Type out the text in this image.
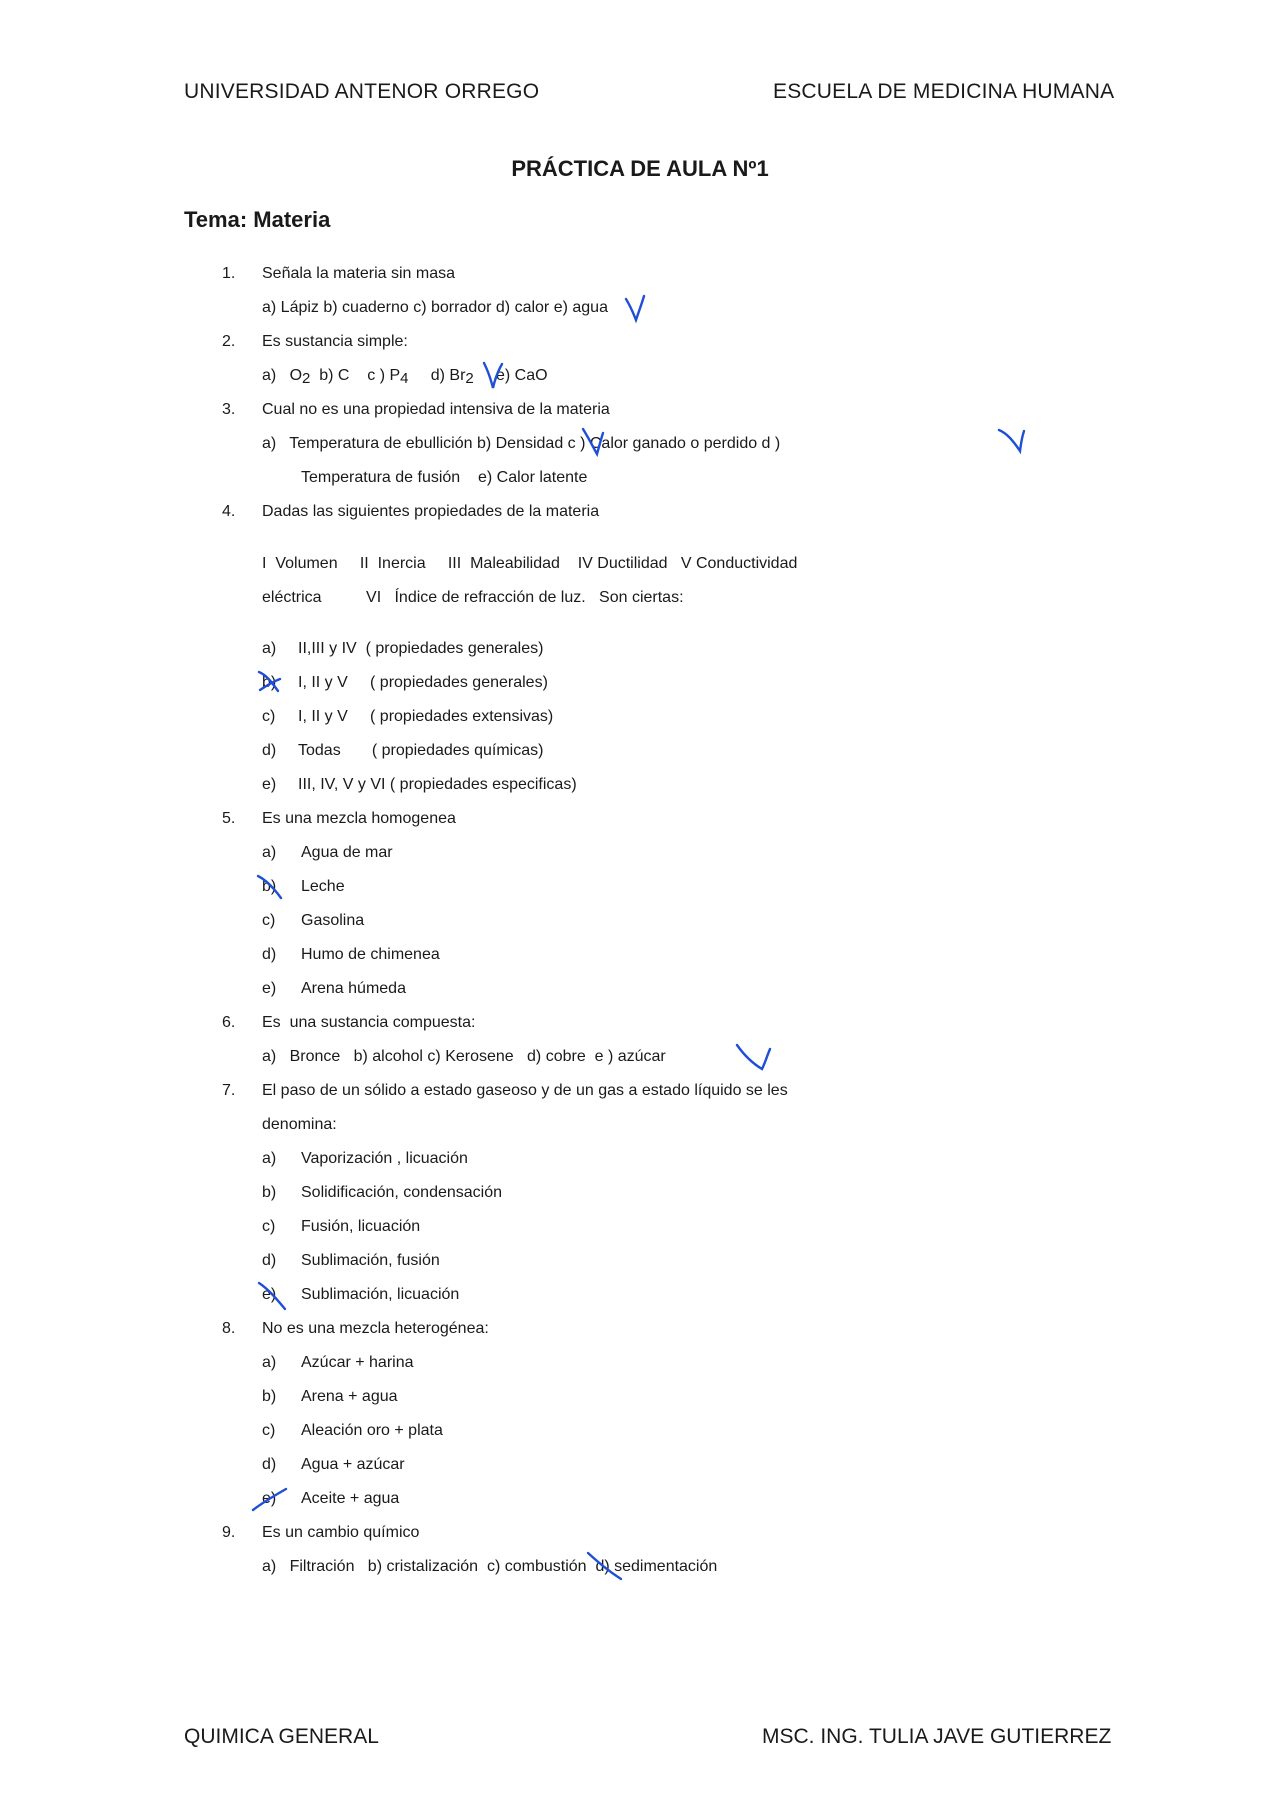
UNIVERSIDAD ANTENOR ORREGO	ESCUELA DE MEDICINA HUMANA
PRÁCTICA DE AULA Nº1
Tema: Materia
1. Señala la materia sin masa
a) Lápiz b) cuaderno c) borrador d) calor e) agua
2. Es sustancia simple:
a)   $O_2$  b) C    c ) $P_4$     d) $Br_2$     e) CaO
3. Cual no es una propiedad intensiva de la materia
a)   Temperatura de ebullición b) Densidad c ) Calor ganado o perdido d )
Temperatura de fusión    e) Calor latente
4. Dadas las siguientes propiedades de la materia
I  Volumen     II  Inercia     III  Maleabilidad    IV Ductilidad   V Conductividad
eléctrica          VI   Índice de refracción de luz.   Son ciertas:
a) II,III y IV  ( propiedades generales)
b) I, II y V     ( propiedades generales)
c) I, II y V     ( propiedades extensivas)
d) Todas       ( propiedades químicas)
e) III, IV, V y VI ( propiedades especificas)
5. Es una mezcla homogenea
a) Agua de mar
b) Leche
c) Gasolina
d) Humo de chimenea
e) Arena húmeda
6. Es  una sustancia compuesta:
a)   Bronce   b) alcohol c) Kerosene   d) cobre  e ) azúcar
7. El paso de un sólido a estado gaseoso y de un gas a estado líquido se les
denomina:
a) Vaporización , licuación
b) Solidificación, condensación
c) Fusión, licuación
d) Sublimación, fusión
e) Sublimación, licuación
8. No es una mezcla heterogénea:
a) Azúcar + harina
b) Arena + agua
c) Aleación oro + plata
d) Agua + azúcar
e) Aceite + agua
9. Es un cambio químico
a)   Filtración   b) cristalización  c) combustión  d) sedimentación
QUIMICA GENERAL	MSC. ING. TULIA JAVE GUTIERREZ
